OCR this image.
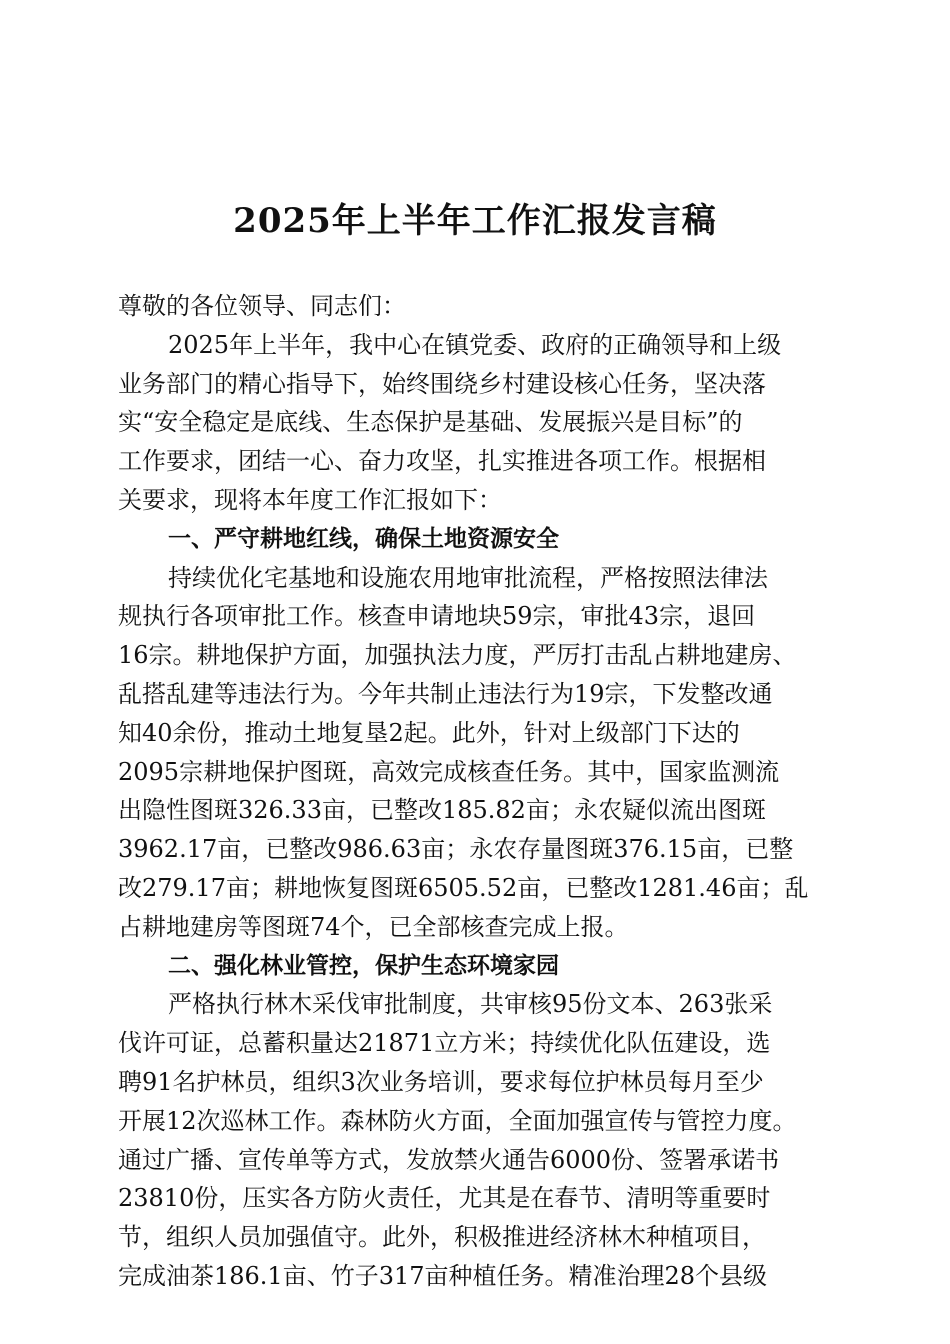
2025年上半年工作汇报发言稿
尊敬的各位领导、同志们：
2025年上半年，我中心在镇党委、政府的正确领导和上级
业务部门的精心指导下，始终围绕乡村建设核心任务，坚决落
实“安全稳定是底线、生态保护是基础、发展振兴是目标”的
工作要求，团结一心、奋力攻坚，扎实推进各项工作。根据相
关要求，现将本年度工作汇报如下：
一、严守耕地红线，确保土地资源安全
持续优化宅基地和设施农用地审批流程，严格按照法律法
规执行各项审批工作。核查申请地块59宗，审批43宗，退回
16宗。耕地保护方面，加强执法力度，严厉打击乱占耕地建房、
乱搭乱建等违法行为。今年共制止违法行为19宗，下发整改通
知40余份，推动土地复垦2起。此外，针对上级部门下达的
2095宗耕地保护图斑，高效完成核查任务。其中，国家监测流
出隐性图斑326.33亩，已整改185.82亩；永农疑似流出图斑
3962.17亩，已整改986.63亩；永农存量图斑376.15亩，已整
改279.17亩；耕地恢复图斑6505.52亩，已整改1281.46亩；乱
占耕地建房等图斑74个，已全部核查完成上报。
二、强化林业管控，保护生态环境家园
严格执行林木采伐审批制度，共审核95份文本、263张采
伐许可证，总蓄积量达21871立方米；持续优化队伍建设，选
聘91名护林员，组织3次业务培训，要求每位护林员每月至少
开展12次巡林工作。森林防火方面，全面加强宣传与管控力度。
通过广播、宣传单等方式，发放禁火通告6000份、签署承诺书
23810份，压实各方防火责任，尤其是在春节、清明等重要时
节，组织人员加强值守。此外，积极推进经济林木种植项目，
完成油茶186.1亩、竹子317亩种植任务。精准治理28个县级
